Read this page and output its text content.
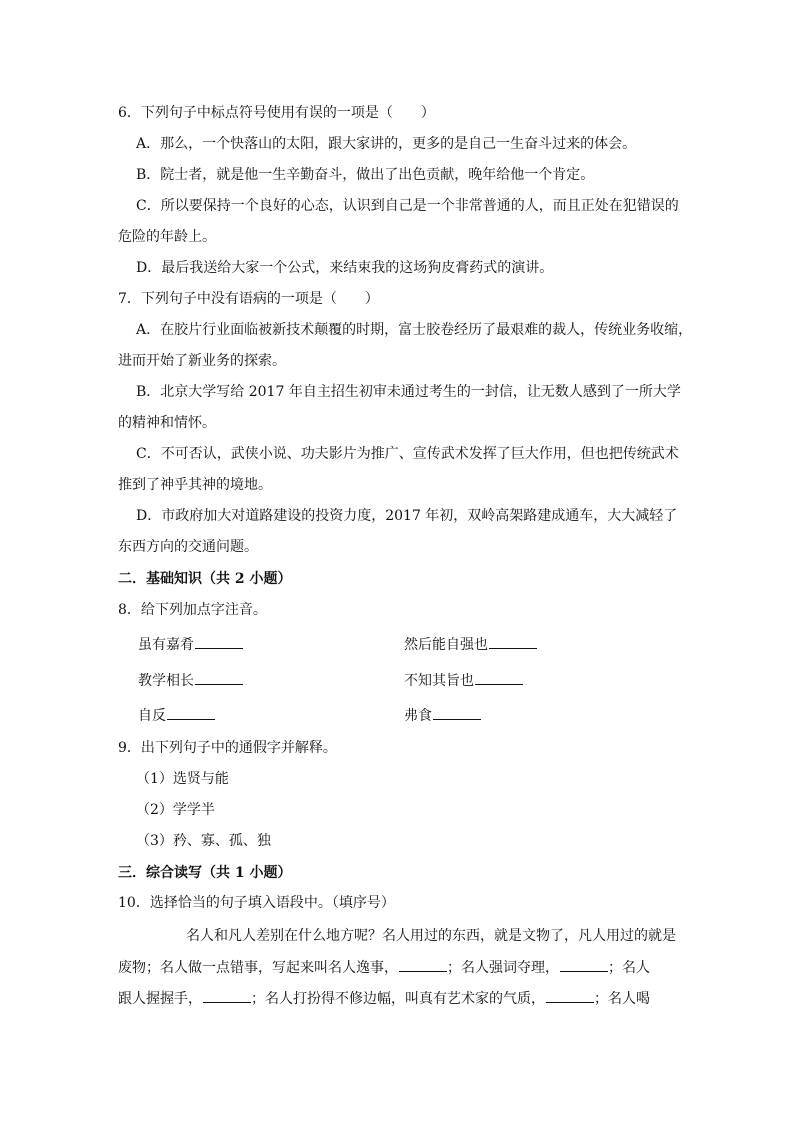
6．下列句子中标点符号使用有误的一项是（　　）
A．那么，一个快落山的太阳，跟大家讲的，更多的是自己一生奋斗过来的体会。
B．院士者，就是他一生辛勤奋斗，做出了出色贡献，晚年给他一个肯定。
C．所以要保持一个良好的心态，认识到自己是一个非常普通的人，而且正处在犯错误的
危险的年龄上。
D．最后我送给大家一个公式，来结束我的这场狗皮膏药式的演讲。
7．下列句子中没有语病的一项是（　　）
A．在胶片行业面临被新技术颠覆的时期，富士胶卷经历了最艰难的裁人，传统业务收缩，
进而开始了新业务的探索。
B．北京大学写给 2017 年自主招生初审未通过考生的一封信，让无数人感到了一所大学
的精神和情怀。
C．不可否认，武侠小说、功夫影片为推广、宣传武术发挥了巨大作用，但也把传统武术
推到了神乎其神的境地。
D．市政府加大对道路建设的投资力度，2017 年初，双岭高架路建成通车，大大减轻了
东西方向的交通问题。
二．基础知识（共 2 小题）
8．给下列加点字注音。
虽有嘉肴	然后能自强也
教学相长	不知其旨也
自反	弗食
9．出下列句子中的通假字并解释。
（1）选贤与能
（2）学学半
（3）矜、寡、孤、独
三．综合读写（共 1 小题）
10．选择恰当的句子填入语段中。（填序号）
名人和凡人差别在什么地方呢？名人用过的东西，就是文物了，凡人用过的就是
废物；名人做一点错事，写起来叫名人逸事，	；名人强词夺理，	；名人
跟人握握手，	；名人打扮得不修边幅，叫真有艺术家的气质，	；名人喝
